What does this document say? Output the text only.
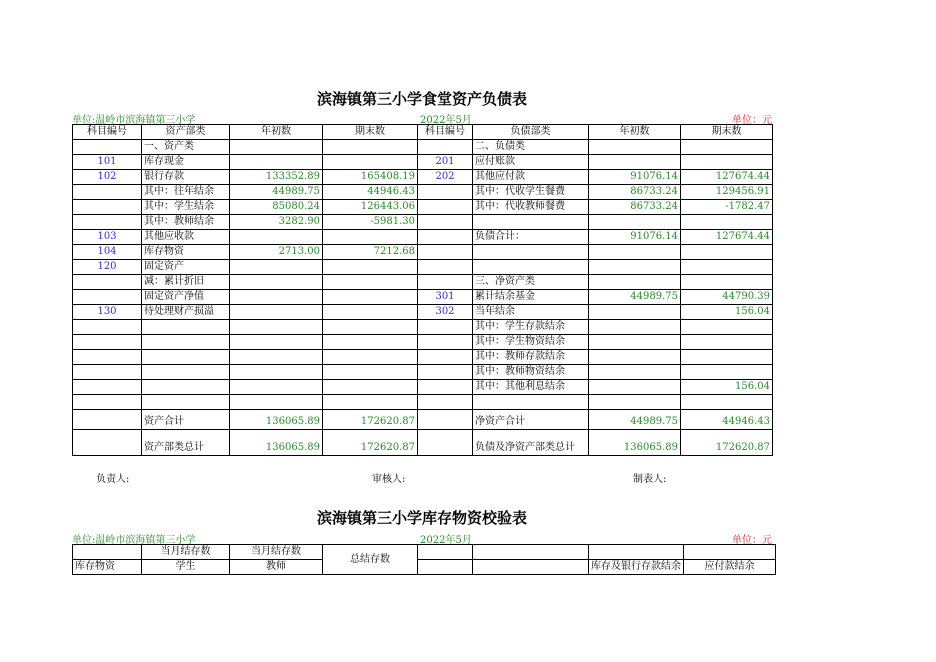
滨海镇第三小学食堂资产负债表
单位:温岭市滨海镇第三小学	2022年5月	单位：元
科目编号	资产部类	年初数	期末数	科目编号	负债部类	年初数	期末数
	一、资产类				二、负债类		
101	库存现金			201	应付账款		
102	银行存款	133352.89	165408.19	202	其他应付款	91076.14	127674.44
	其中：往年结余	44989.75	44946.43		其中：代收学生餐费	86733.24	129456.91
	其中：学生结余	85080.24	126443.06		其中：代收教师餐费	86733.24	-1782.47
	其中：教师结余	3282.90	-5981.30				
103	其他应收款				负债合计：	91076.14	127674.44
104	库存物资	2713.00	7212.68				
120	固定资产						
	减：累计折旧				三、净资产类		
	固定资产净值			301	累计结余基金	44989.75	44790.39
130	待处理财产损溢			302	当年结余		156.04
					其中：学生存款结余		
					其中：学生物资结余		
					其中：教师存款结余		
					其中：教师物资结余		
					其中：其他利息结余		156.04

	资产合计	136065.89	172620.87		净资产合计	44989.75	44946.43
	资产部类总计	136065.89	172620.87		负债及净资产部类总计	136065.89	172620.87
负责人:	审核人:	制表人:
滨海镇第三小学库存物资校验表
单位:温岭市滨海镇第三小学	2022年5月	单位：元
	当月结存数	当月结存数	总结存数				
库存物资	学生	教师				库存及银行存款结余	应付款结余
